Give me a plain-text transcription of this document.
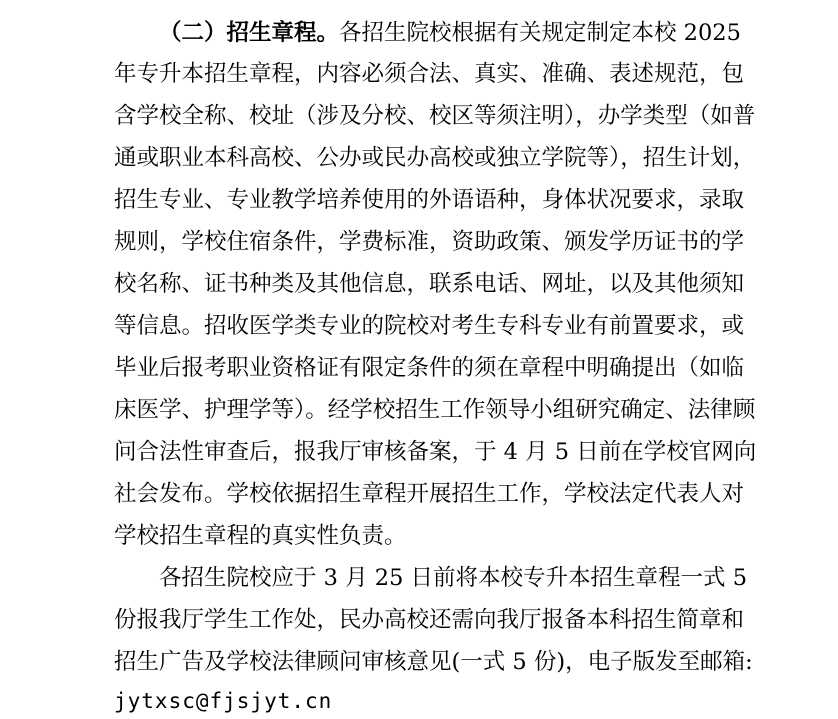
（二）招生章程。各招生院校根据有关规定制定本校 2025
年专升本招生章程，内容必须合法、真实、准确、表述规范，包
含学校全称、校址（涉及分校、校区等须注明），办学类型（如普
通或职业本科高校、公办或民办高校或独立学院等），招生计划，
招生专业、专业教学培养使用的外语语种，身体状况要求，录取
规则，学校住宿条件，学费标准，资助政策、颁发学历证书的学
校名称、证书种类及其他信息，联系电话、网址，以及其他须知
等信息。招收医学类专业的院校对考生专科专业有前置要求，或
毕业后报考职业资格证有限定条件的须在章程中明确提出（如临
床医学、护理学等）。经学校招生工作领导小组研究确定、法律顾
问合法性审查后，报我厅审核备案，于 4 月 5 日前在学校官网向
社会发布。学校依据招生章程开展招生工作，学校法定代表人对
学校招生章程的真实性负责。
各招生院校应于 3 月 25 日前将本校专升本招生章程一式 5
份报我厅学生工作处，民办高校还需向我厅报备本科招生简章和
招生广告及学校法律顾问审核意见(一式 5 份)，电子版发至邮箱:
jytxsc@fjsjyt.cn
